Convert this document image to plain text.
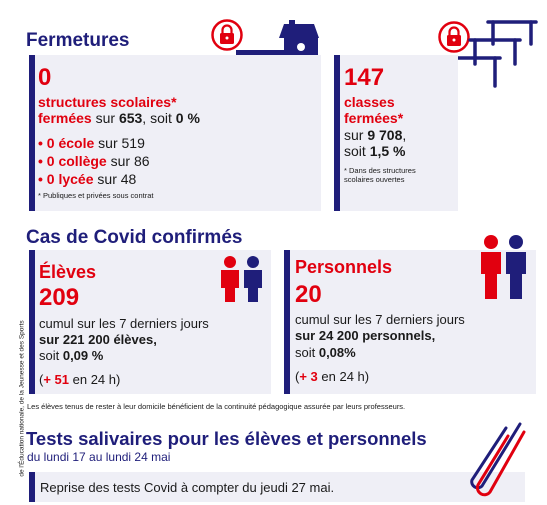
Fermetures
0
structures scolaires*
fermées sur 653, soit 0 %
• 0 école sur 519
• 0 collège sur 86
• 0 lycée sur 48
* Publiques et privées sous contrat
147
classes
fermées*
sur 9 708,
soit 1,5 %
* Dans des structures
scolaires ouvertes
Cas de Covid confirmés
Élèves
209
cumul sur les 7 derniers jours
sur 221 200 élèves,
soit 0,09 %
(+ 51 en 24 h)
Personnels
20
cumul sur les 7 derniers jours
sur 24 200 personnels,
soit 0,08%
(+ 3 en 24 h)
Les élèves tenus de rester à leur domicile bénéficient de la continuité pédagogique assurée par leurs professeurs.
Tests salivaires pour les élèves et personnels
du lundi 17 au lundi 24 mai
Reprise des tests Covid à compter du jeudi 27 mai.
de l'Éducation nationale, de la Jeunesse et des Sports
